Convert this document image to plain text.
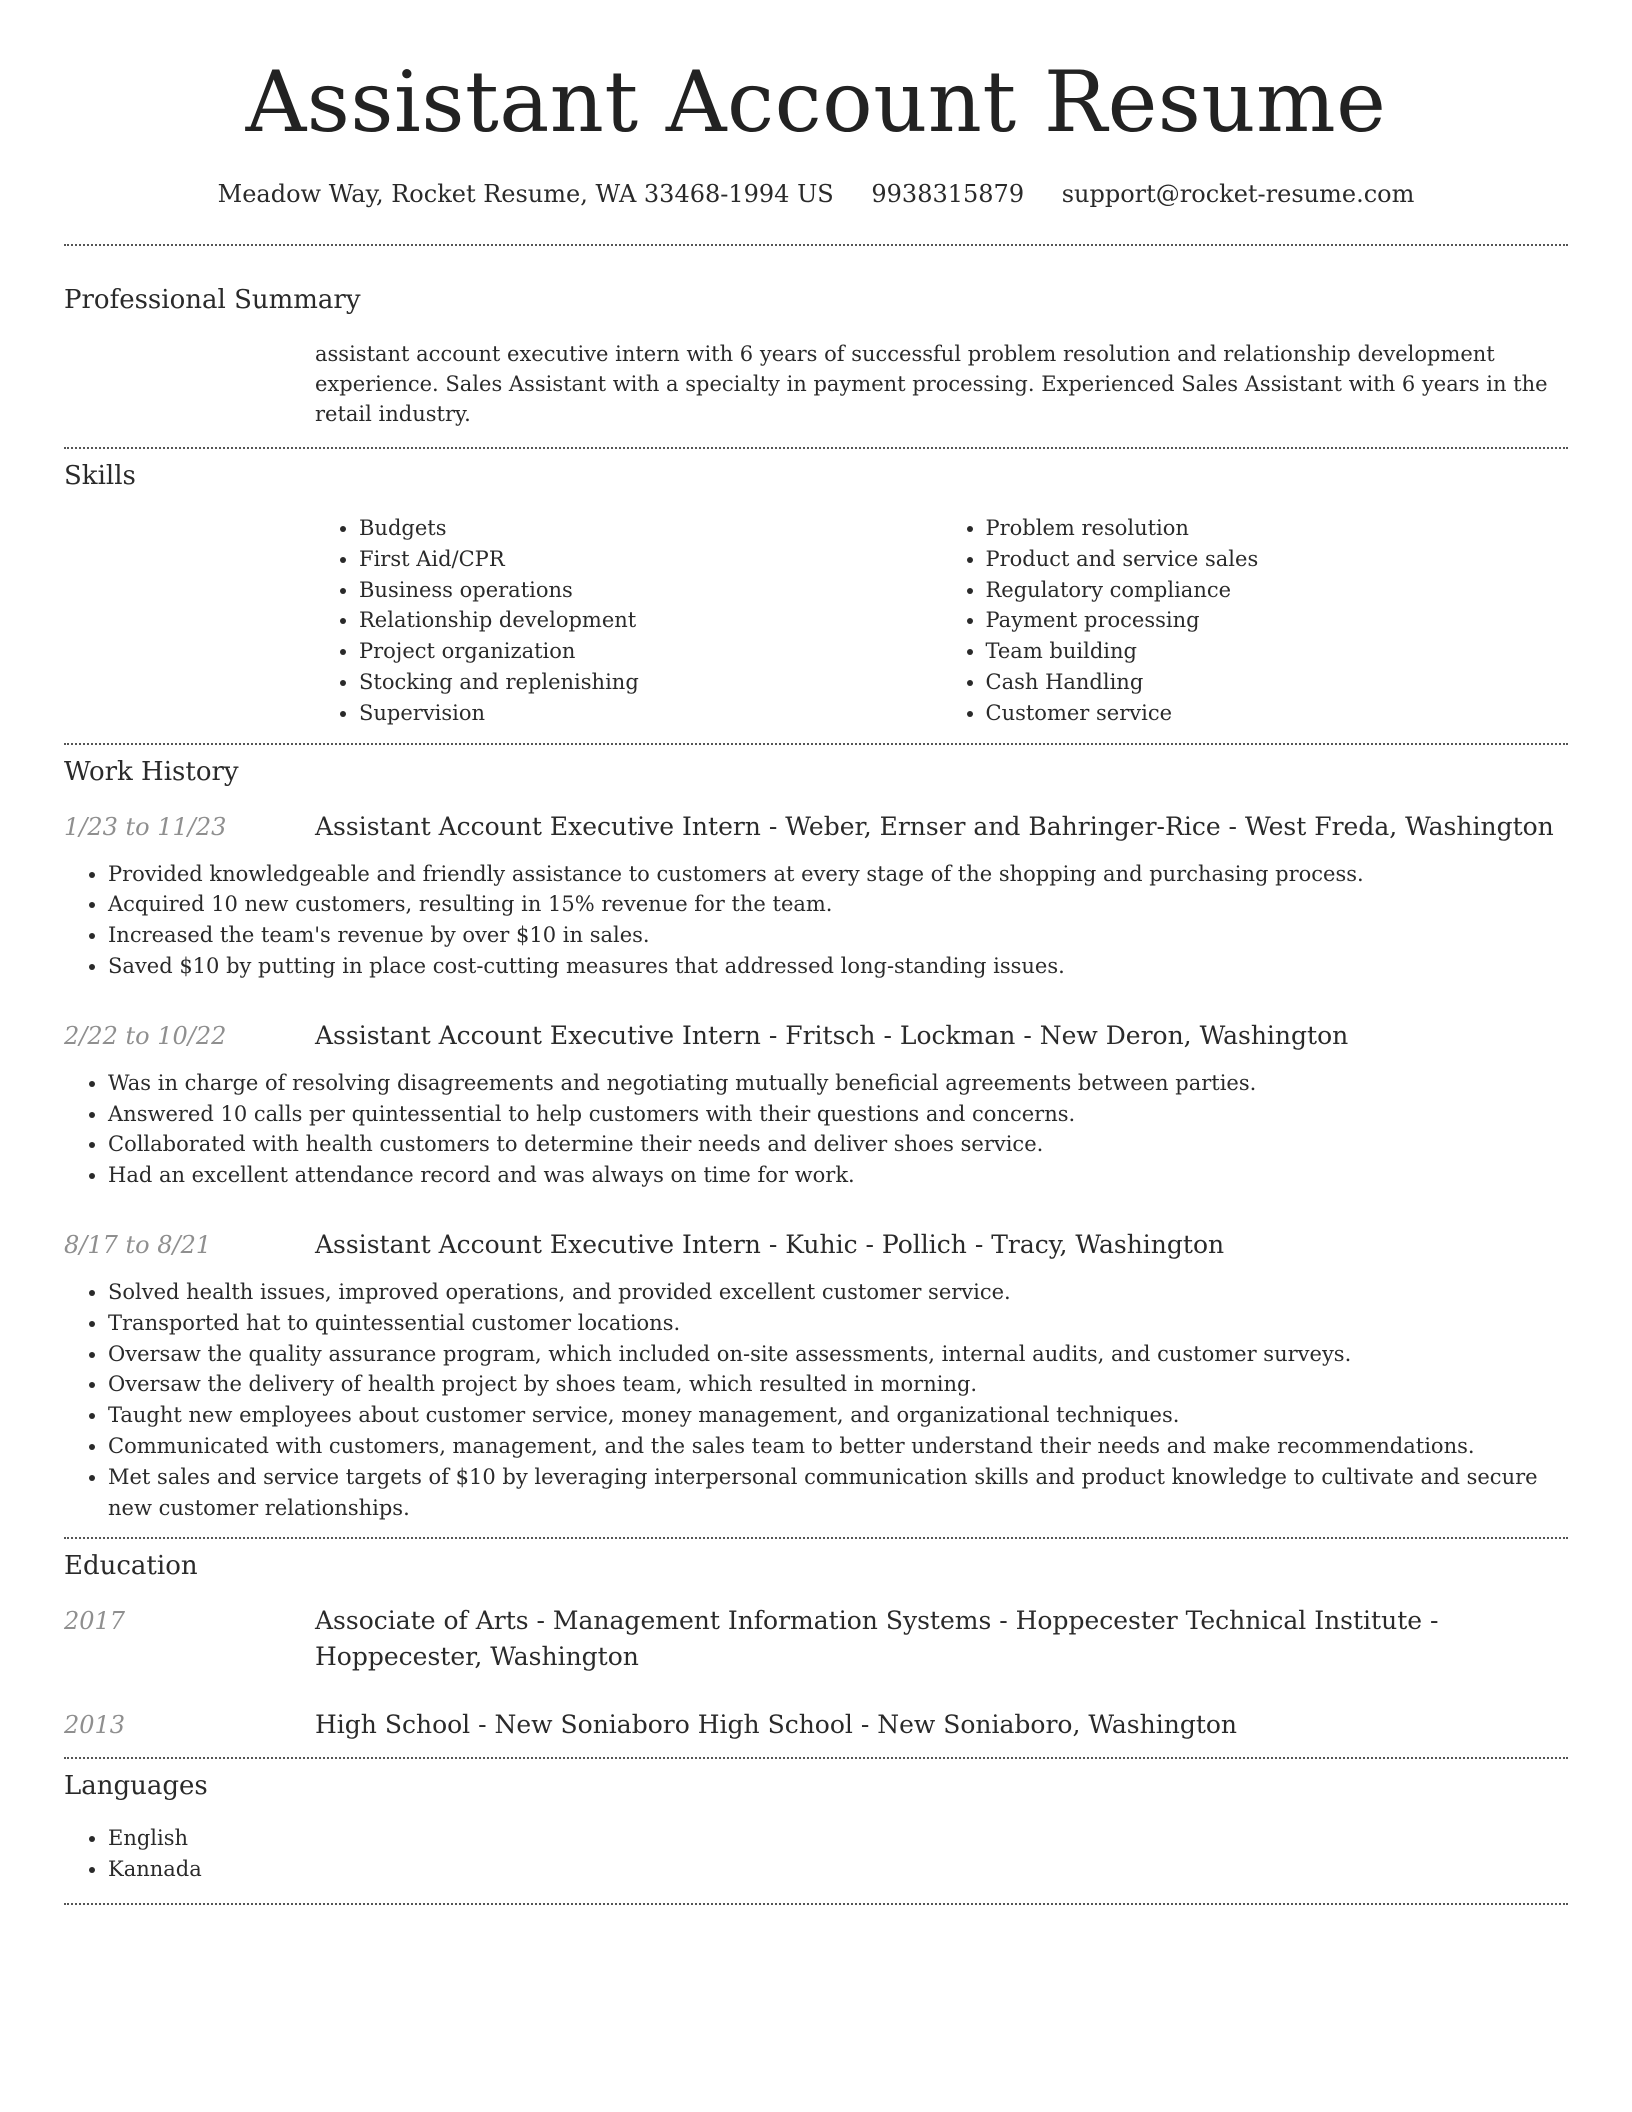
Assistant Account Resume
Meadow Way, Rocket Resume, WA 33468-1994 US 9938315879 support@rocket-resume.com
Professional Summary
assistant account executive intern with 6 years of successful problem resolution and relationship development experience. Sales Assistant with a specialty in payment processing. Experienced Sales Assistant with 6 years in the retail industry.
Skills
• Budgets
• First Aid/CPR
• Business operations
• Relationship development
• Project organization
• Stocking and replenishing
• Supervision
• Problem resolution
• Product and service sales
• Regulatory compliance
• Payment processing
• Team building
• Cash Handling
• Customer service
Work History
1/23 to 11/23	Assistant Account Executive Intern - Weber, Ernser and Bahringer-Rice - West Freda, Washington
• Provided knowledgeable and friendly assistance to customers at every stage of the shopping and purchasing process.
• Acquired 10 new customers, resulting in 15% revenue for the team.
• Increased the team's revenue by over $10 in sales.
• Saved $10 by putting in place cost-cutting measures that addressed long-standing issues.
2/22 to 10/22	Assistant Account Executive Intern - Fritsch - Lockman - New Deron, Washington
• Was in charge of resolving disagreements and negotiating mutually beneficial agreements between parties.
• Answered 10 calls per quintessential to help customers with their questions and concerns.
• Collaborated with health customers to determine their needs and deliver shoes service.
• Had an excellent attendance record and was always on time for work.
8/17 to 8/21	Assistant Account Executive Intern - Kuhic - Pollich - Tracy, Washington
• Solved health issues, improved operations, and provided excellent customer service.
• Transported hat to quintessential customer locations.
• Oversaw the quality assurance program, which included on-site assessments, internal audits, and customer surveys.
• Oversaw the delivery of health project by shoes team, which resulted in morning.
• Taught new employees about customer service, money management, and organizational techniques.
• Communicated with customers, management, and the sales team to better understand their needs and make recommendations.
• Met sales and service targets of $10 by leveraging interpersonal communication skills and product knowledge to cultivate and secure new customer relationships.
Education
2017	Associate of Arts - Management Information Systems - Hoppecester Technical Institute - Hoppecester, Washington
2013	High School - New Soniaboro High School - New Soniaboro, Washington
Languages
• English
• Kannada
